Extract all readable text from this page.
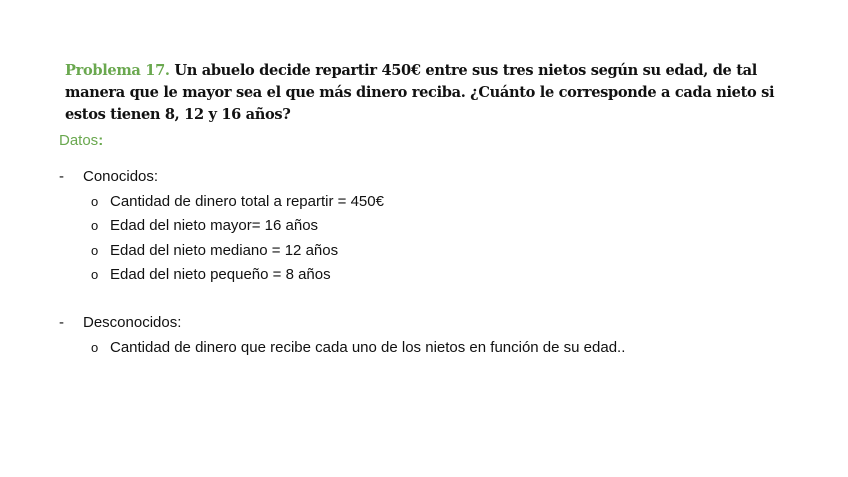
Problema 17. Un abuelo decide repartir 450€ entre sus tres nietos según su edad, de tal manera que le mayor sea el que más dinero reciba. ¿Cuánto le corresponde a cada nieto si estos tienen 8, 12 y 16 años?

Datos:
-	Conocidos:
o Cantidad de dinero total a repartir = 450€
o Edad del nieto mayor= 16 años
o Edad del nieto mediano = 12 años
o Edad del nieto pequeño = 8 años
-	Desconocidos:
o Cantidad de dinero que recibe cada uno de los nietos en función de su edad..
